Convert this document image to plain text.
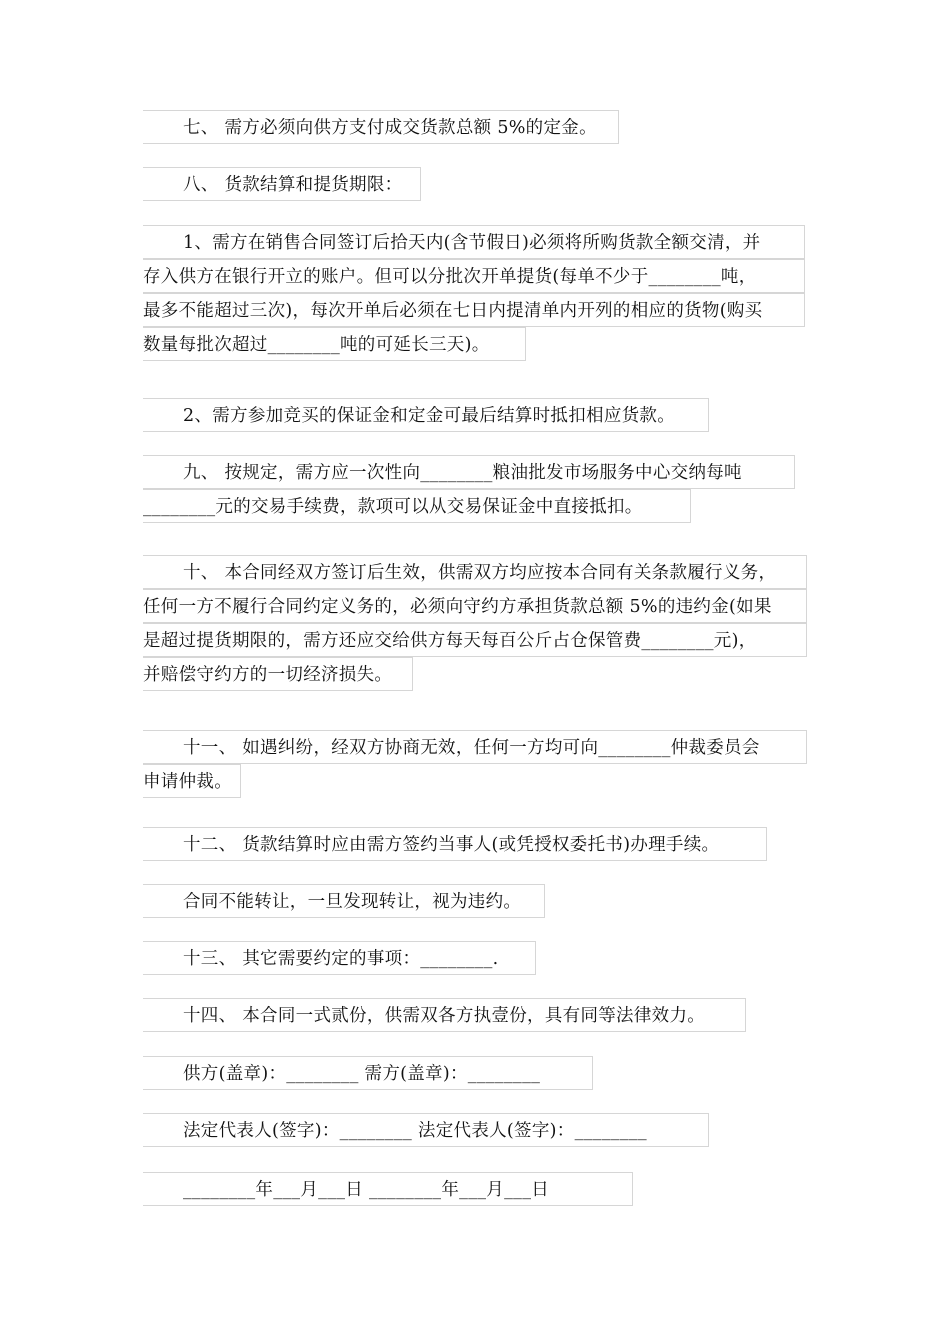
七、 需方必须向供方支付成交货款总额 5%的定金。
八、 货款结算和提货期限：
1、需方在销售合同签订后拾天内(含节假日)必须将所购货款全额交清，并
存入供方在银行开立的账户。但可以分批次开单提货(每单不少于________吨，
最多不能超过三次)，每次开单后必须在七日内提清单内开列的相应的货物(购买
数量每批次超过________吨的可延长三天)。
2、需方参加竞买的保证金和定金可最后结算时抵扣相应货款。
九、 按规定，需方应一次性向________粮油批发市场服务中心交纳每吨
________元的交易手续费，款项可以从交易保证金中直接抵扣。
十、 本合同经双方签订后生效，供需双方均应按本合同有关条款履行义务，
任何一方不履行合同约定义务的，必须向守约方承担货款总额 5%的违约金(如果
是超过提货期限的，需方还应交给供方每天每百公斤占仓保管费________元)，
并赔偿守约方的一切经济损失。
十一、 如遇纠纷，经双方协商无效，任何一方均可向________仲裁委员会
申请仲裁。
十二、 货款结算时应由需方签约当事人(或凭授权委托书)办理手续。
合同不能转让，一旦发现转让，视为违约。
十三、 其它需要约定的事项：________.
十四、 本合同一式贰份，供需双各方执壹份，具有同等法律效力。
供方(盖章)：________ 需方(盖章)：________
法定代表人(签字)：________ 法定代表人(签字)：________
________年___月___日 ________年___月___日
